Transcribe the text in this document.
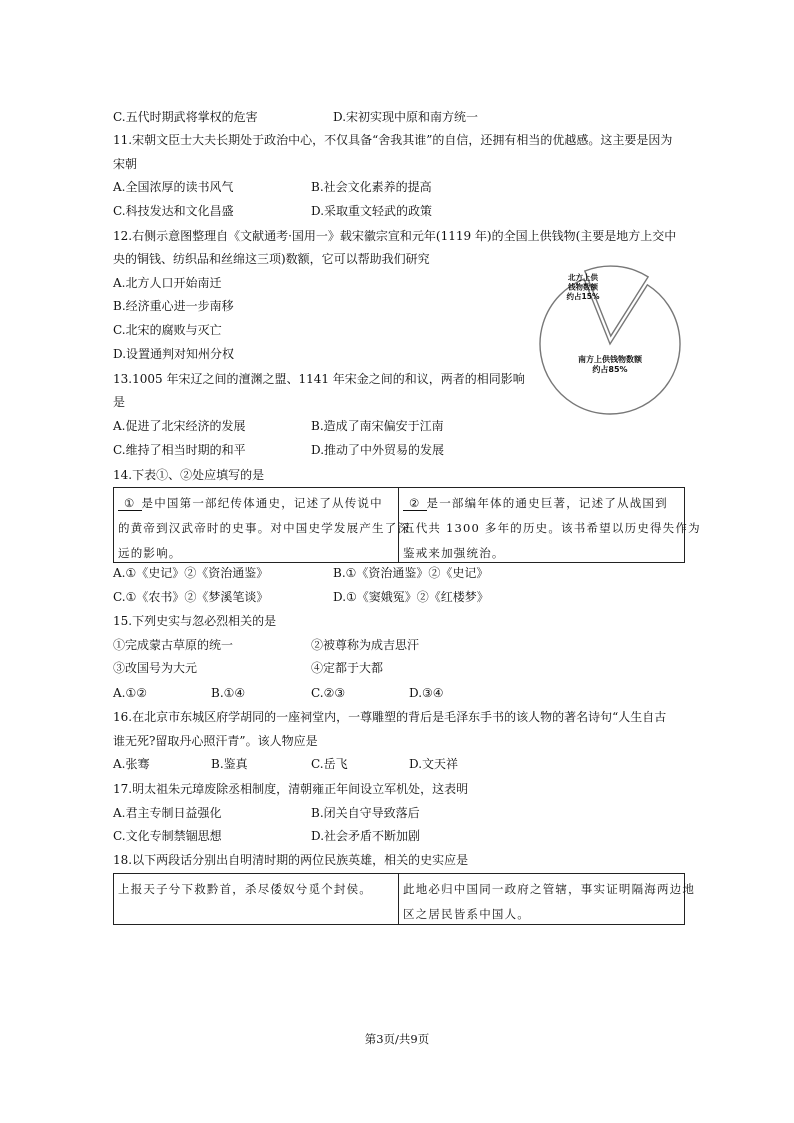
C.五代时期武将掌权的危害	D.宋初实现中原和南方统一
11.宋朝文臣士大夫长期处于政治中心，不仅具备“舍我其谁”的自信，还拥有相当的优越感。这主要是因为
宋朝
A.全国浓厚的读书风气	B.社会文化素养的提高
C.科技发达和文化昌盛	D.采取重文轻武的政策
12.右侧示意图整理自《文献通考·国用一》载宋徽宗宣和元年(1119 年)的全国上供钱物(主要是地方上交中
央的铜钱、纺织品和丝绵这三项)数额，它可以帮助我们研究
A.北方人口开始南迁
B.经济重心进一步南移
C.北宋的腐败与灭亡
D.设置通判对知州分权
北方上供钱物数额约占15%
南方上供钱物数额约占85%
13.1005 年宋辽之间的澶渊之盟、1141 年宋金之间的和议，两者的相同影响
是
A.促进了北宋经济的发展	B.造成了南宋偏安于江南
C.维持了相当时期的和平	D.推动了中外贸易的发展
14.下表①、②处应填写的是
① 是中国第一部纪传体通史，记述了从传说中
的黄帝到汉武帝时的史事。对中国史学发展产生了深
远的影响。
② 是一部编年体的通史巨著，记述了从战国到
五代共 1300 多年的历史。该书希望以历史得失作为
鉴戒来加强统治。
A.①《史记》②《资治通鉴》	B.①《资治通鉴》②《史记》
C.①《农书》②《梦溪笔谈》	D.①《窦娥冤》②《红楼梦》
15.下列史实与忽必烈相关的是
①完成蒙古草原的统一	②被尊称为成吉思汗
③改国号为大元	④定都于大都
A.①②	B.①④	C.②③	D.③④
16.在北京市东城区府学胡同的一座祠堂内，一尊雕塑的背后是毛泽东手书的该人物的著名诗句“人生自古
谁无死?留取丹心照汗青”。该人物应是
A.张骞	B.鉴真	C.岳飞	D.文天祥
17.明太祖朱元璋废除丞相制度，清朝雍正年间设立军机处，这表明
A.君主专制日益强化	B.闭关自守导致落后
C.文化专制禁锢思想	D.社会矛盾不断加剧
18.以下两段话分别出自明清时期的两位民族英雄，相关的史实应是
上报天子兮下救黔首，杀尽倭奴兮觅个封侯。	此地必归中国同一政府之管辖，事实证明隔海两边地
区之居民皆系中国人。
第3页/共9页
